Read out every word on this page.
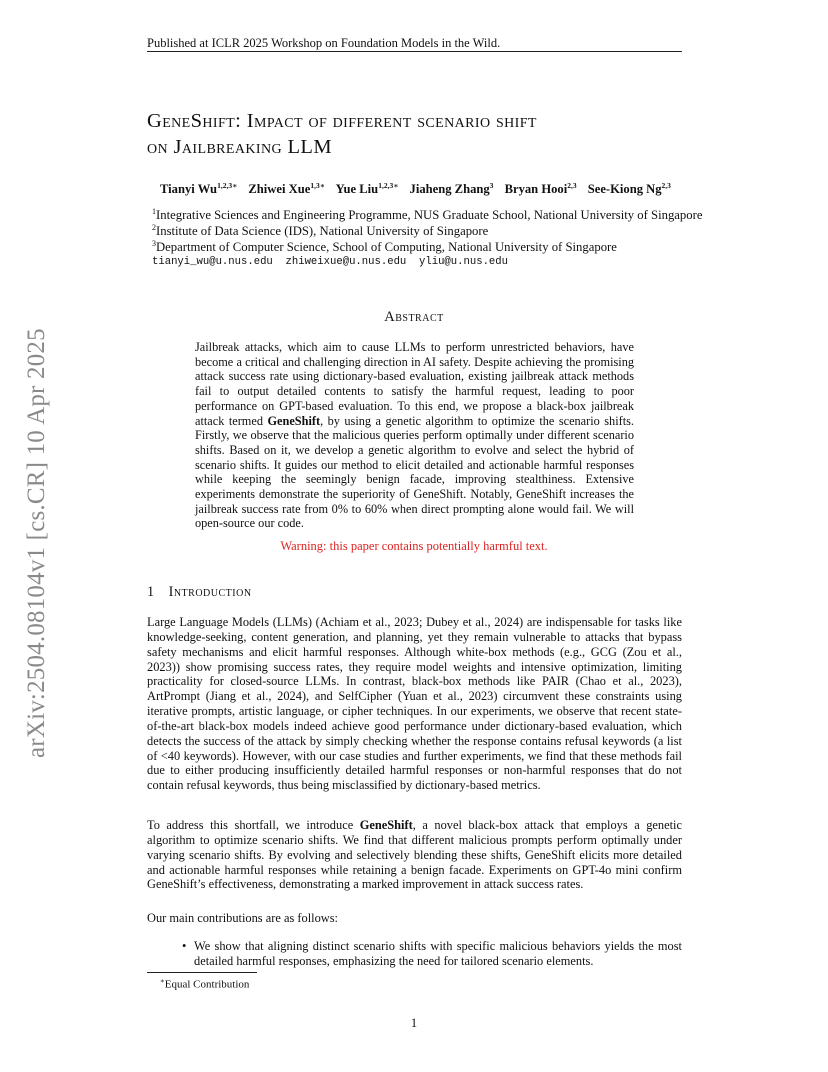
Published at ICLR 2025 Workshop on Foundation Models in the Wild.
arXiv:2504.08104v1 [cs.CR] 10 Apr 2025
GeneShift: Impact of different scenario shift
on Jailbreaking LLM
Tianyi $Wu^{1,2,3∗}$ Zhiwei Xue$^{1,3∗}$ Yue Liu$^{1,2,3∗}$ Jiaheng Zhang$^3$ Bryan Hooi$^{2,3}$ See-Kiong Ng$^{2,3}$
$^1$Integrative Sciences and Engineering Programme, NUS Graduate School, National University of Singapore
$^2$Institute of Data Science (IDS), National University of Singapore
$^3$Department of Computer Science, School of Computing, National University of Singapore
tianyi_wu@u.nus.edu  zhiweixue@u.nus.edu  yliu@u.nus.edu
Abstract
Jailbreak attacks, which aim to cause LLMs to perform unrestricted behaviors, have become a critical and challenging direction in AI safety. Despite achieving the promising attack success rate using dictionary-based evaluation, existing jailbreak attack methods fail to output detailed contents to satisfy the harmful request, leading to poor performance on GPT-based evaluation. To this end, we propose a black-box jailbreak attack termed GeneShift, by using a genetic algorithm to optimize the scenario shifts. Firstly, we observe that the malicious queries perform optimally under different scenario shifts. Based on it, we develop a genetic algorithm to evolve and select the hybrid of scenario shifts. It guides our method to elicit detailed and actionable harmful responses while keeping the seemingly benign facade, improving stealthiness. Extensive experiments demonstrate the superiority of GeneShift. Notably, GeneShift increases the jailbreak success rate from 0% to 60% when direct prompting alone would fail. We will open-source our code.
Warning: this paper contains potentially harmful text.
1 Introduction
Large Language Models (LLMs) (Achiam et al., 2023; Dubey et al., 2024) are indispensable for tasks like knowledge-seeking, content generation, and planning, yet they remain vulnerable to attacks that bypass safety mechanisms and elicit harmful responses. Although white-box methods (e.g., GCG (Zou et al., 2023)) show promising success rates, they require model weights and intensive optimization, limiting practicality for closed-source LLMs. In contrast, black-box methods like PAIR (Chao et al., 2023), ArtPrompt (Jiang et al., 2024), and SelfCipher (Yuan et al., 2023) circumvent these constraints using iterative prompts, artistic language, or cipher techniques. In our experiments, we observe that recent state-of-the-art black-box models indeed achieve good performance under dictionary-based evaluation, which detects the success of the attack by simply checking whether the response contains refusal keywords (a list of <40 keywords). However, with our case studies and further experiments, we find that these methods fail due to either producing insufficiently detailed harmful responses or non-harmful responses that do not contain refusal keywords, thus being misclassified by dictionary-based metrics.
To address this shortfall, we introduce GeneShift, a novel black-box attack that employs a genetic algorithm to optimize scenario shifts. We find that different malicious prompts perform optimally under varying scenario shifts. By evolving and selectively blending these shifts, GeneShift elicits more detailed and actionable harmful responses while retaining a benign facade. Experiments on GPT-4o mini confirm GeneShift’s effectiveness, demonstrating a marked improvement in attack success rates.
Our main contributions are as follows:
• We show that aligning distinct scenario shifts with specific malicious behaviors yields the most detailed harmful responses, emphasizing the need for tailored scenario elements.
∗Equal Contribution
1
